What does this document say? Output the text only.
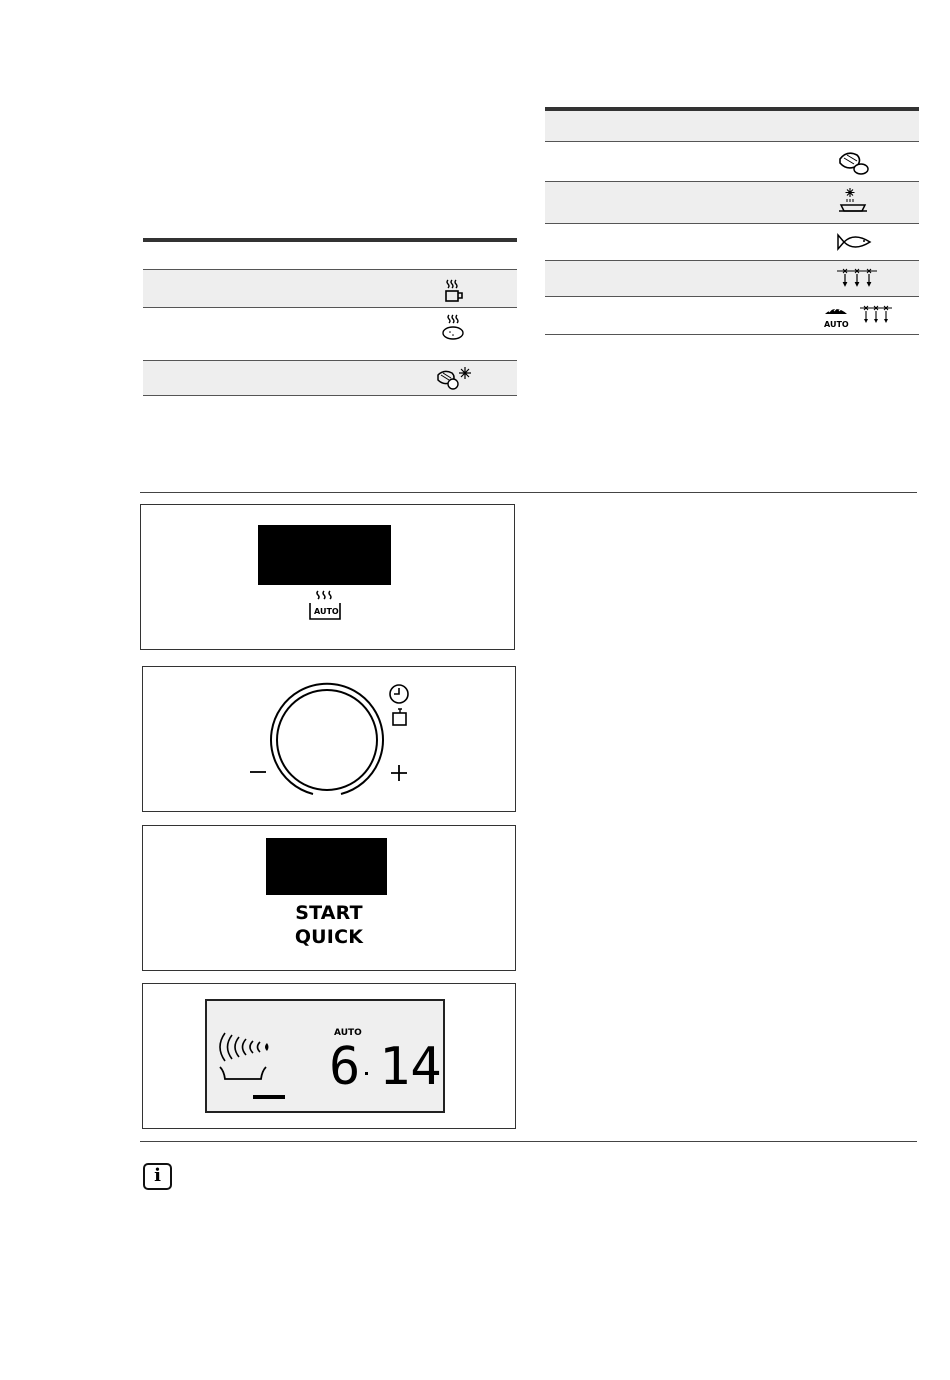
AUTO
AUTO
START
QUICK
AUTO
6 14
i
